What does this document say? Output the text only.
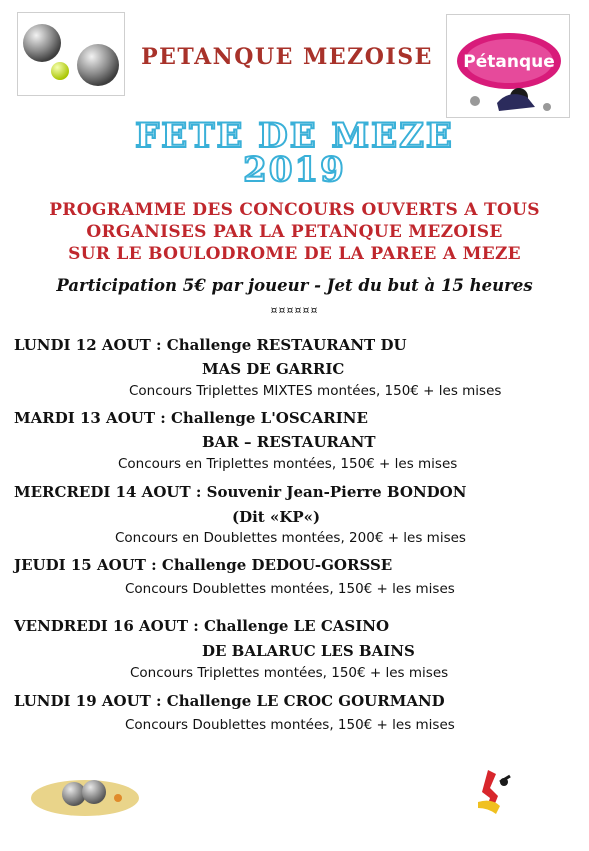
PETANQUE MEZOISE	Pétanque
FETE DE MEZE
2019
PROGRAMME DES CONCOURS OUVERTS A TOUS
ORGANISES PAR LA PETANQUE MEZOISE
SUR LE BOULODROME DE LA PAREE A MEZE
Participation 5€ par joueur - Jet du but à 15 heures
¤¤¤¤¤¤
LUNDI 12 AOUT : Challenge RESTAURANT DU
MAS DE GARRIC
Concours Triplettes MIXTES montées, 150€ + les mises
MARDI 13 AOUT : Challenge L'OSCARINE
BAR – RESTAURANT
Concours en Triplettes montées, 150€ + les mises
MERCREDI 14 AOUT : Souvenir Jean-Pierre BONDON
(Dit «KP«)
Concours en Doublettes montées, 200€ + les mises
JEUDI 15 AOUT : Challenge DEDOU-GORSSE
Concours Doublettes montées, 150€ + les mises
VENDREDI 16 AOUT : Challenge LE CASINO
DE BALARUC LES BAINS
Concours Triplettes montées, 150€ + les mises
LUNDI 19 AOUT : Challenge LE CROC GOURMAND
Concours Doublettes montées, 150€ + les mises
